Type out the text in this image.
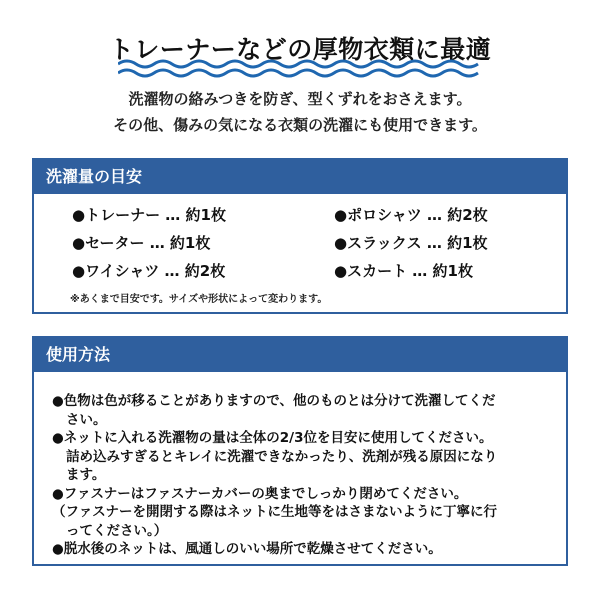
トレーナーなどの厚物衣類に最適
洗濯物の絡みつきを防ぎ、型くずれをおさえます。
その他、傷みの気になる衣類の洗濯にも使用できます。
洗濯量の目安
●トレーナー … 約1枚	●ポロシャツ … 約2枚
●セーター … 約1枚	●スラックス … 約1枚
●ワイシャツ … 約2枚	●スカート … 約1枚
※あくまで目安です。サイズや形状によって変わります。
使用方法
●色物は色が移ることがありますので、他のものとは分けて洗濯してくだ
さい。
●ネットに入れる洗濯物の量は全体の2/3位を目安に使用してください。
詰め込みすぎるとキレイに洗濯できなかったり、洗剤が残る原因になり
ます。
●ファスナーはファスナーカバーの奥までしっかり閉めてください。
（ファスナーを開閉する際はネットに生地等をはさまないように丁寧に行
ってください。）
●脱水後のネットは、風通しのいい場所で乾燥させてください。
